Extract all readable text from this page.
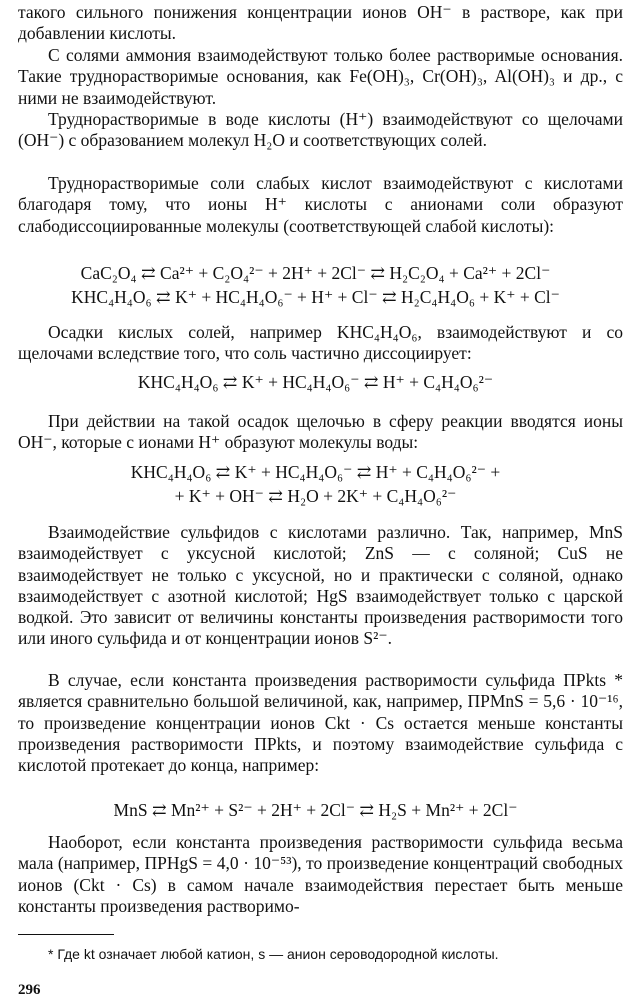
такого сильного понижения концентрации ионов OH⁻ в растворе, как при добавлении кислоты.

С солями аммония взаимодействуют только более растворимые основания. Такие труднорастворимые основания, как Fe(OH)₃, Cr(OH)₃, Al(OH)₃ и др., с ними не взаимодействуют.

Труднорастворимые в воде кислоты (H⁺) взаимодействуют со щелочами (OH⁻) с образованием молекул H₂O и соответствующих солей.

Труднорастворимые соли слабых кислот взаимодействуют с кислотами благодаря тому, что ионы H⁺ кислоты с анионами соли образуют слабодиссоциированные молекулы (соответствующей слабой кислоты):

CaC₂O₄ ⇄ Ca²⁺ + C₂O₄²⁻ + 2H⁺ + 2Cl⁻ ⇄ H₂C₂O₄ + Ca²⁺ + 2Cl⁻
KHC₄H₄O₆ ⇄ K⁺ + HC₄H₄O₆⁻ + H⁺ + Cl⁻ ⇄ H₂C₄H₄O₆ + K⁺ + Cl⁻

Осадки кислых солей, например KHC₄H₄O₆, взаимодействуют и со щелочами вследствие того, что соль частично диссоциирует:

KHC₄H₄O₆ ⇄ K⁺ + HC₄H₄O₆⁻ ⇄ H⁺ + C₄H₄O₆²⁻

При действии на такой осадок щелочью в сферу реакции вводятся ионы OH⁻, которые с ионами H⁺ образуют молекулы воды:

KHC₄H₄O₆ ⇄ K⁺ + HC₄H₄O₆⁻ ⇄ H⁺ + C₄H₄O₆²⁻ +
+ K⁺ + OH⁻ ⇄ H₂O + 2K⁺ + C₄H₄O₆²⁻

Взаимодействие сульфидов с кислотами различно. Так, например, MnS взаимодействует с уксусной кислотой; ZnS — с соляной; CuS не взаимодействует не только с уксусной, но и практически с соляной, однако взаимодействует с азотной кислотой; HgS взаимодействует только с царской водкой. Это зависит от величины константы произведения растворимости того или иного сульфида и от концентрации ионов S²⁻.

В случае, если константа произведения растворимости сульфида ПРkts * является сравнительно большой величиной, как, например, ПРMnS = 5,6 · 10⁻¹⁶, то произведение концентрации ионов Ckt · Cs остается меньше константы произведения растворимости ПРkts, и поэтому взаимодействие сульфида с кислотой протекает до конца, например:

MnS ⇄ Mn²⁺ + S²⁻ + 2H⁺ + 2Cl⁻ ⇄ H₂S + Mn²⁺ + 2Cl⁻

Наоборот, если константа произведения растворимости сульфида весьма мала (например, ПРHgS = 4,0 · 10⁻⁵³), то произведение концентраций свободных ионов (Ckt · Cs) в самом начале взаимодействия перестает быть меньше константы произведения растворимо-

* Где kt означает любой катион, s — анион сероводородной кислоты.
296
